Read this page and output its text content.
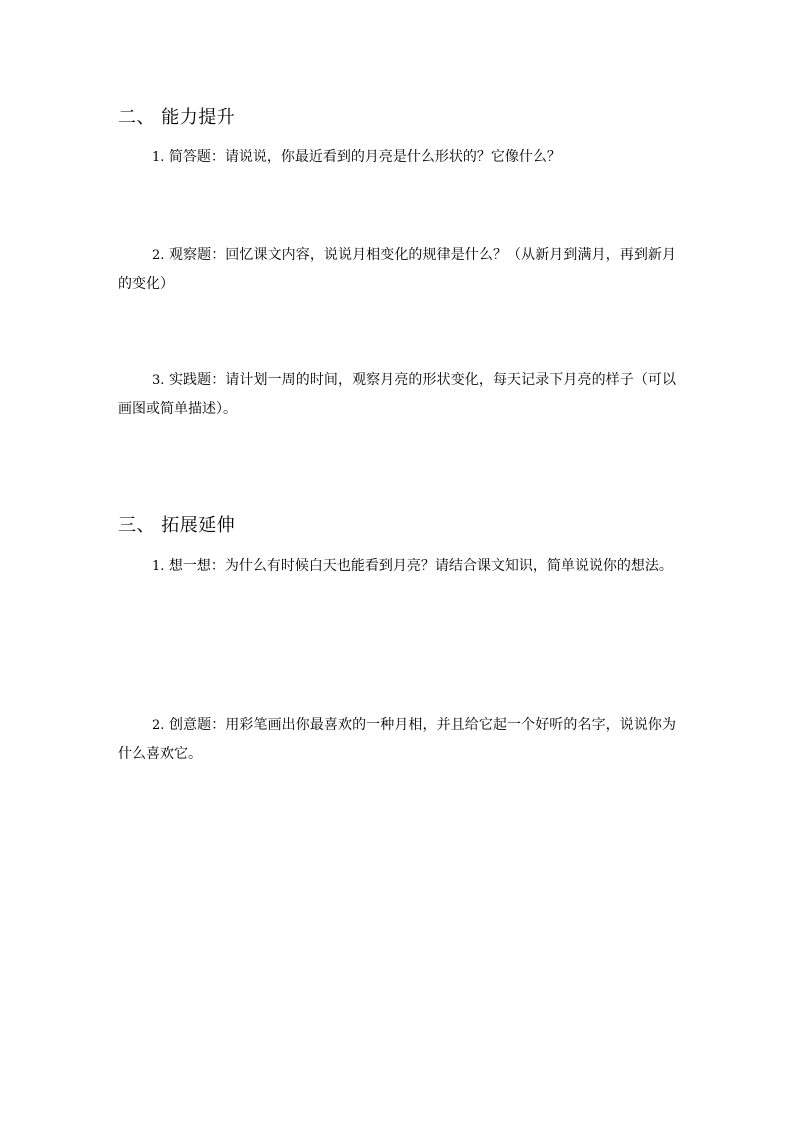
二、 能力提升

1. 简答题：请说说，你最近看到的月亮是什么形状的？它像什么？

2. 观察题：回忆课文内容，说说月相变化的规律是什么？（从新月到满月，再到新月的变化）

3. 实践题：请计划一周的时间，观察月亮的形状变化，每天记录下月亮的样子（可以画图或简单描述）。

三、 拓展延伸

1. 想一想：为什么有时候白天也能看到月亮？请结合课文知识，简单说说你的想法。

2. 创意题：用彩笔画出你最喜欢的一种月相，并且给它起一个好听的名字，说说你为什么喜欢它。
